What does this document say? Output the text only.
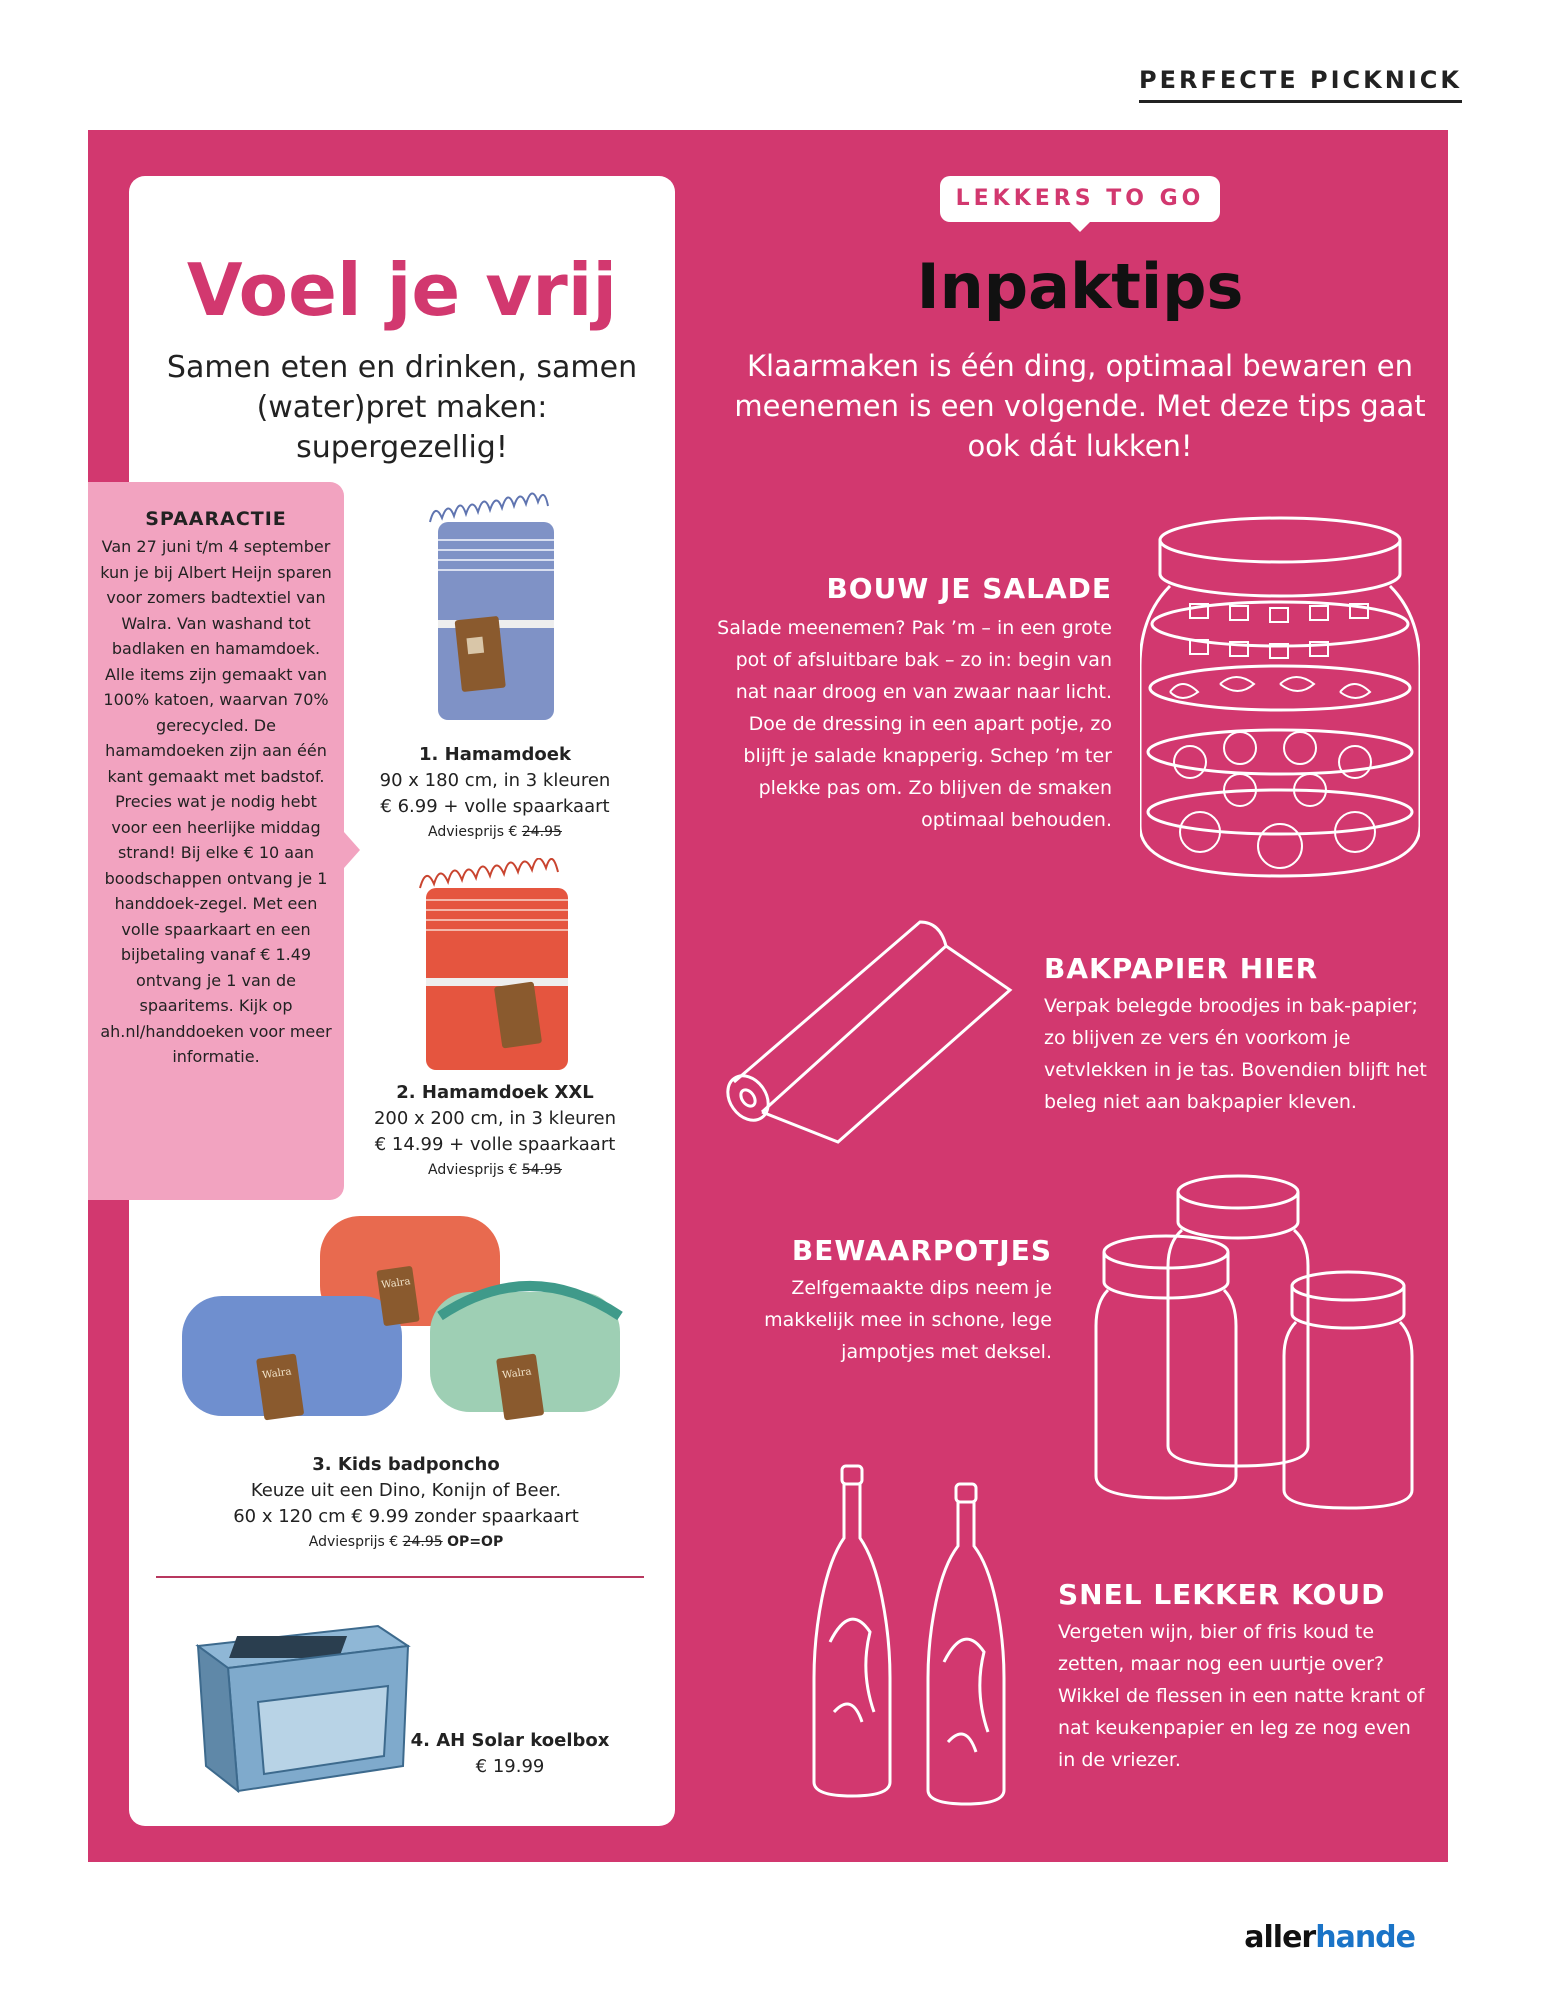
PERFECTE PICKNICK
Voel je vrij

Samen eten en drinken, samen (water)pret maken: supergezellig!

SPAARACTIE
Van 27 juni t/m 4 september kun je bij Albert Heijn sparen voor zomers badtextiel van Walra. Van washand tot badlaken en hamamdoek. Alle items zijn gemaakt van 100% katoen, waarvan 70% gerecycled. De hamamdoeken zijn aan één kant gemaakt met badstof. Precies wat je nodig hebt voor een heerlijke middag strand! Bij elke € 10 aan boodschappen ontvang je 1 handdoek-zegel. Met een volle spaarkaart en een bijbetaling vanaf € 1.49 ontvang je 1 van de spaaritems. Kijk op ah.nl/handdoeken voor meer informatie.
1. Hamamdoek
90 x 180 cm, in 3 kleuren
€ 6.99 + volle spaarkaart
Adviesprijs € 24.95
2. Hamamdoek XXL
200 x 200 cm, in 3 kleuren
€ 14.99 + volle spaarkaart
Adviesprijs € 54.95
Walra
Walra
Walra
3. Kids badponcho
Keuze uit een Dino, Konijn of Beer.
60 x 120 cm € 9.99 zonder spaarkaart
Adviesprijs € 24.95 OP=OP
4. AH Solar koelbox
€ 19.99
LEKKERS TO GO
Inpaktips

Klaarmaken is één ding, optimaal bewaren en meenemen is een volgende. Met deze tips gaat ook dát lukken!

BOUW JE SALADE

Salade meenemen? Pak ’m – in een grote pot of afsluitbare bak – zo in: begin van nat naar droog en van zwaar naar licht. Doe de dressing in een apart potje, zo blijft je salade knapperig. Schep ’m ter plekke pas om. Zo blijven de smaken optimaal behouden.

BAKPAPIER HIER

Verpak belegde broodjes in bak-papier; zo blijven ze vers én voorkom je vetvlekken in je tas. Bovendien blijft het beleg niet aan bakpapier kleven.

BEWAARPOTJES

Zelfgemaakte dips neem je makkelijk mee in schone, lege jampotjes met deksel.

SNEL LEKKER KOUD

Vergeten wijn, bier of fris koud te zetten, maar nog een uurtje over? Wikkel de flessen in een natte krant of nat keukenpapier en leg ze nog even in de vriezer.

allerhande
